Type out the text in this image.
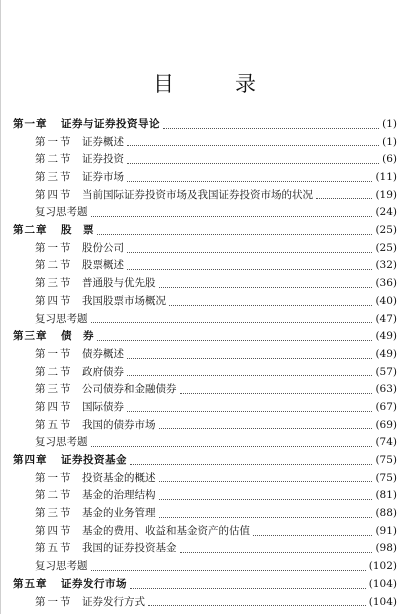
目　录
第一章 证券与证券投资导论	(1)
第一节 证券概述	(1)
第二节 证券投资	(6)
第三节 证券市场	(11)
第四节 当前国际证券投资市场及我国证券投资市场的状况	(19)
复习思考题	(24)
第二章 股　票	(25)
第一节 股份公司	(25)
第二节 股票概述	(32)
第三节 普通股与优先股	(36)
第四节 我国股票市场概况	(40)
复习思考题	(47)
第三章 债　券	(49)
第一节 债券概述	(49)
第二节 政府债券	(57)
第三节 公司债券和金融债券	(63)
第四节 国际债券	(67)
第五节 我国的债券市场	(69)
复习思考题	(74)
第四章 证券投资基金	(75)
第一节 投资基金的概述	(75)
第二节 基金的治理结构	(81)
第三节 基金的业务管理	(88)
第四节 基金的费用、收益和基金资产的估值	(91)
第五节 我国的证券投资基金	(98)
复习思考题	(102)
第五章 证券发行市场	(104)
第一节 证券发行方式	(104)
